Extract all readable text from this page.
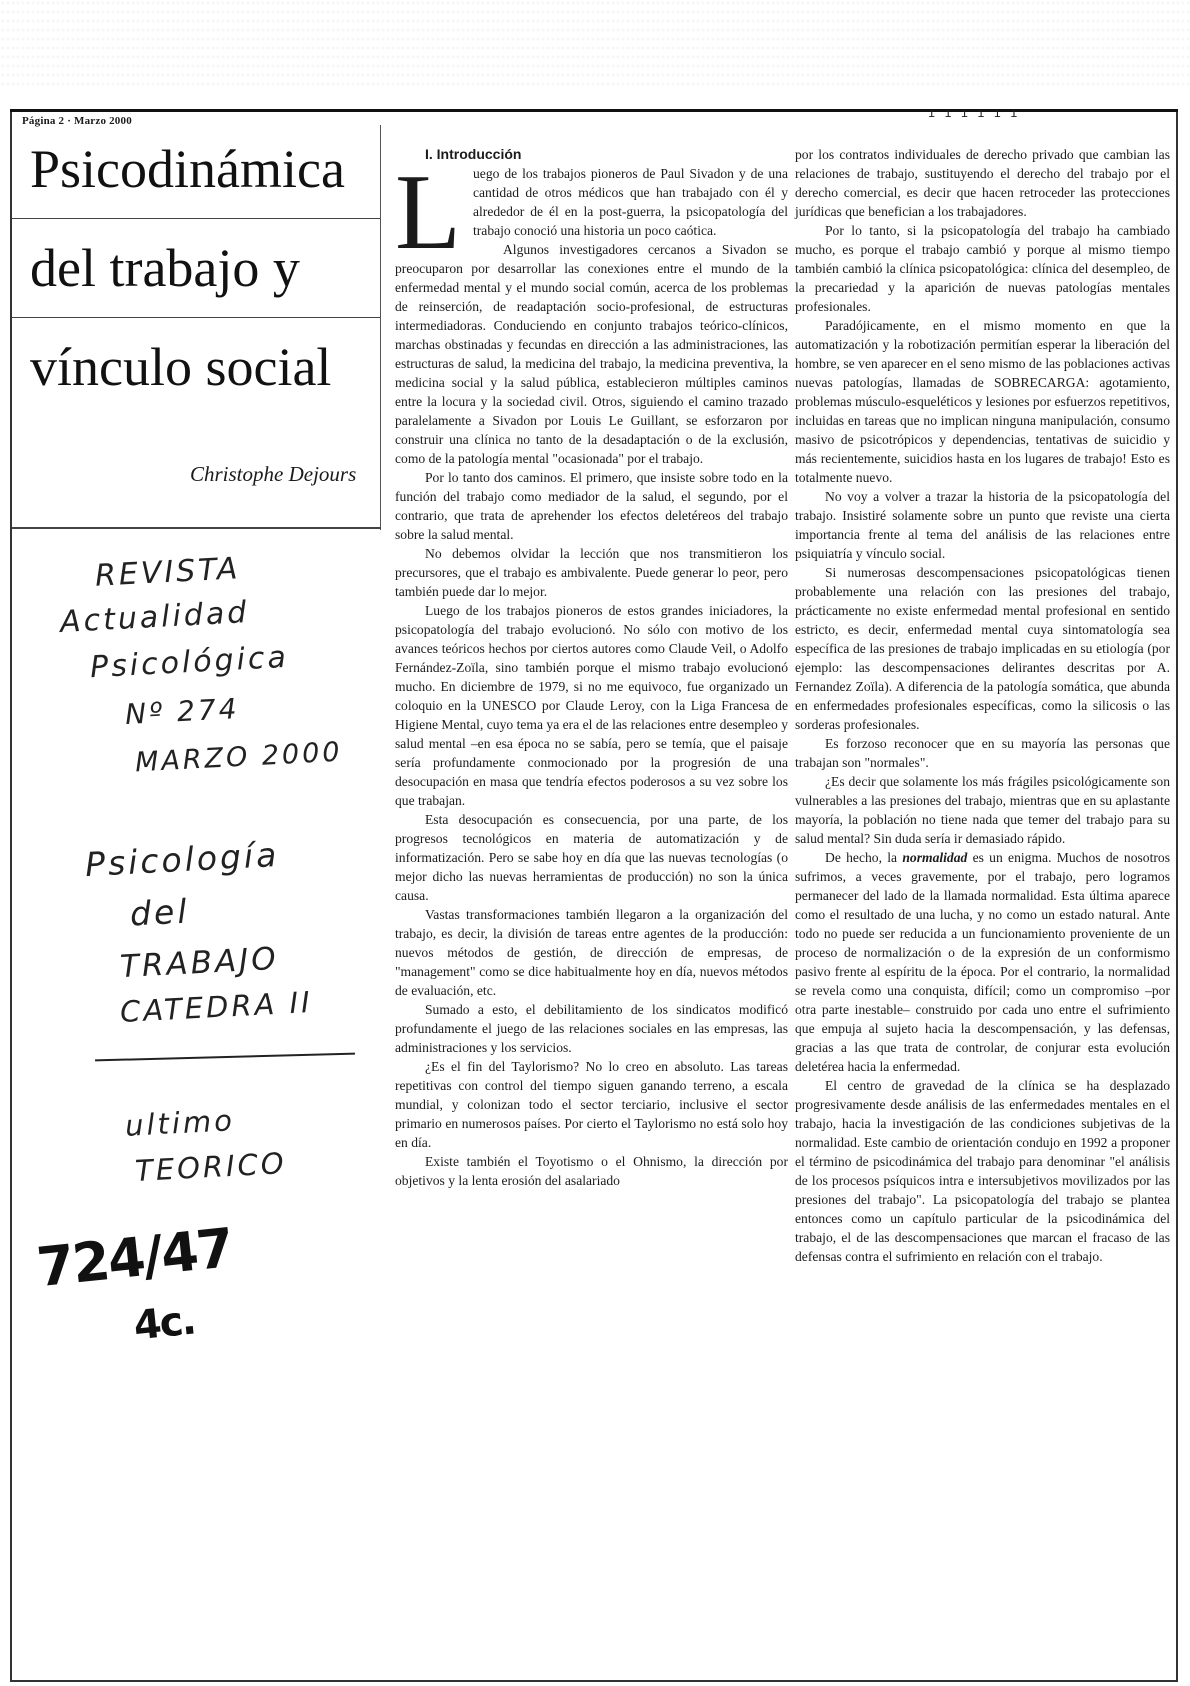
Página 2 · Marzo 2000
ı ı ı ı ı ı
Psicodinámica
del trabajo y
vínculo social
Christophe Dejours
REVISTA
Actualidad
Psicológica
Nº 274
MARZO 2000
Psicología
del
TRABAJO
CATEDRA II
ultimo
TEORICO
724/47
4c.

I. Introducción

Luego de los trabajos pioneros de Paul Sivadon y de una cantidad de otros médicos que han trabajado con él y alrededor de él en la post-guerra, la psicopatología del trabajo conoció una historia un poco caótica.

Algunos investigadores cercanos a Sivadon se preocuparon por desarrollar las conexiones entre el mundo de la enfermedad mental y el mundo social común, acerca de los problemas de reinserción, de readaptación socio-profesional, de estructuras intermediadoras. Conduciendo en conjunto trabajos teórico-clínicos, marchas obstinadas y fecundas en dirección a las administraciones, las estructuras de salud, la medicina del trabajo, la medicina preventiva, la medicina social y la salud pública, establecieron múltiples caminos entre la locura y la sociedad civil. Otros, siguiendo el camino trazado paralelamente a Sivadon por Louis Le Guillant, se esforzaron por construir una clínica no tanto de la desadaptación o de la exclusión, como de la patología mental "ocasionada" por el trabajo.

Por lo tanto dos caminos. El primero, que insiste sobre todo en la función del trabajo como mediador de la salud, el segundo, por el contrario, que trata de aprehender los efectos deletéreos del trabajo sobre la salud mental.

No debemos olvidar la lección que nos transmitieron los precursores, que el trabajo es ambivalente. Puede generar lo peor, pero también puede dar lo mejor.

Luego de los trabajos pioneros de estos grandes iniciadores, la psicopatología del trabajo evolucionó. No sólo con motivo de los avances teóricos hechos por ciertos autores como Claude Veil, o Adolfo Fernández-Zoïla, sino también porque el mismo trabajo evolucionó mucho. En diciembre de 1979, si no me equivoco, fue organizado un coloquio en la UNESCO por Claude Leroy, con la Liga Francesa de Higiene Mental, cuyo tema ya era el de las relaciones entre desempleo y salud mental –en esa época no se sabía, pero se temía, que el paisaje sería profundamente conmocionado por la progresión de una desocupación en masa que tendría efectos poderosos a su vez sobre los que trabajan.

Esta desocupación es consecuencia, por una parte, de los progresos tecnológicos en materia de automatización y de informatización. Pero se sabe hoy en día que las nuevas tecnologías (o mejor dicho las nuevas herramientas de producción) no son la única causa.

Vastas transformaciones también llegaron a la organización del trabajo, es decir, la división de tareas entre agentes de la producción: nuevos métodos de gestión, de dirección de empresas, de "management" como se dice habitualmente hoy en día, nuevos métodos de evaluación, etc.

Sumado a esto, el debilitamiento de los sindicatos modificó profundamente el juego de las relaciones sociales en las empresas, las administraciones y los servicios.

¿Es el fin del Taylorismo? No lo creo en absoluto. Las tareas repetitivas con control del tiempo siguen ganando terreno, a escala mundial, y colonizan todo el sector terciario, inclusive el sector primario en numerosos países. Por cierto el Taylorismo no está solo hoy en día.

Existe también el Toyotismo o el Ohnismo, la dirección por objetivos y la lenta erosión del asalariado

por los contratos individuales de derecho privado que cambian las relaciones de trabajo, sustituyendo el derecho del trabajo por el derecho comercial, es decir que hacen retroceder las protecciones jurídicas que benefician a los trabajadores.

Por lo tanto, si la psicopatología del trabajo ha cambiado mucho, es porque el trabajo cambió y porque al mismo tiempo también cambió la clínica psicopatológica: clínica del desempleo, de la precariedad y la aparición de nuevas patologías mentales profesionales.

Paradójicamente, en el mismo momento en que la automatización y la robotización permitían esperar la liberación del hombre, se ven aparecer en el seno mismo de las poblaciones activas nuevas patologías, llamadas de SOBRECARGA: agotamiento, problemas músculo-esqueléticos y lesiones por esfuerzos repetitivos, incluidas en tareas que no implican ninguna manipulación, consumo masivo de psicotrópicos y dependencias, tentativas de suicidio y más recientemente, suicidios hasta en los lugares de trabajo! Esto es totalmente nuevo.

No voy a volver a trazar la historia de la psicopatología del trabajo. Insistiré solamente sobre un punto que reviste una cierta importancia frente al tema del análisis de las relaciones entre psiquiatría y vínculo social.

Si numerosas descompensaciones psicopatológicas tienen probablemente una relación con las presiones del trabajo, prácticamente no existe enfermedad mental profesional en sentido estricto, es decir, enfermedad mental cuya sintomatología sea específica de las presiones de trabajo implicadas en su etiología (por ejemplo: las descompensaciones delirantes descritas por A. Fernandez Zoïla). A diferencia de la patología somática, que abunda en enfermedades profesionales específicas, como la silicosis o las sorderas profesionales.

Es forzoso reconocer que en su mayoría las personas que trabajan son "normales".

¿Es decir que solamente los más frágiles psicológicamente son vulnerables a las presiones del trabajo, mientras que en su aplastante mayoría, la población no tiene nada que temer del trabajo para su salud mental? Sin duda sería ir demasiado rápido.

De hecho, la normalidad es un enigma. Muchos de nosotros sufrimos, a veces gravemente, por el trabajo, pero logramos permanecer del lado de la llamada normalidad. Esta última aparece como el resultado de una lucha, y no como un estado natural. Ante todo no puede ser reducida a un funcionamiento proveniente de un proceso de normalización o de la expresión de un conformismo pasivo frente al espíritu de la época. Por el contrario, la normalidad se revela como una conquista, difícil; como un compromiso –por otra parte inestable– construido por cada uno entre el sufrimiento que empuja al sujeto hacia la descompensación, y las defensas, gracias a las que trata de controlar, de conjurar esta evolución deletérea hacia la enfermedad.

El centro de gravedad de la clínica se ha desplazado progresivamente desde análisis de las enfermedades mentales en el trabajo, hacia la investigación de las condiciones subjetivas de la normalidad. Este cambio de orientación condujo en 1992 a proponer el término de psicodinámica del trabajo para denominar "el análisis de los procesos psíquicos intra e intersubjetivos movilizados por las presiones del trabajo". La psicopatología del trabajo se plantea entonces como un capítulo particular de la psicodinámica del trabajo, el de las descompensaciones que marcan el fracaso de las defensas contra el sufrimiento en relación con el trabajo.
